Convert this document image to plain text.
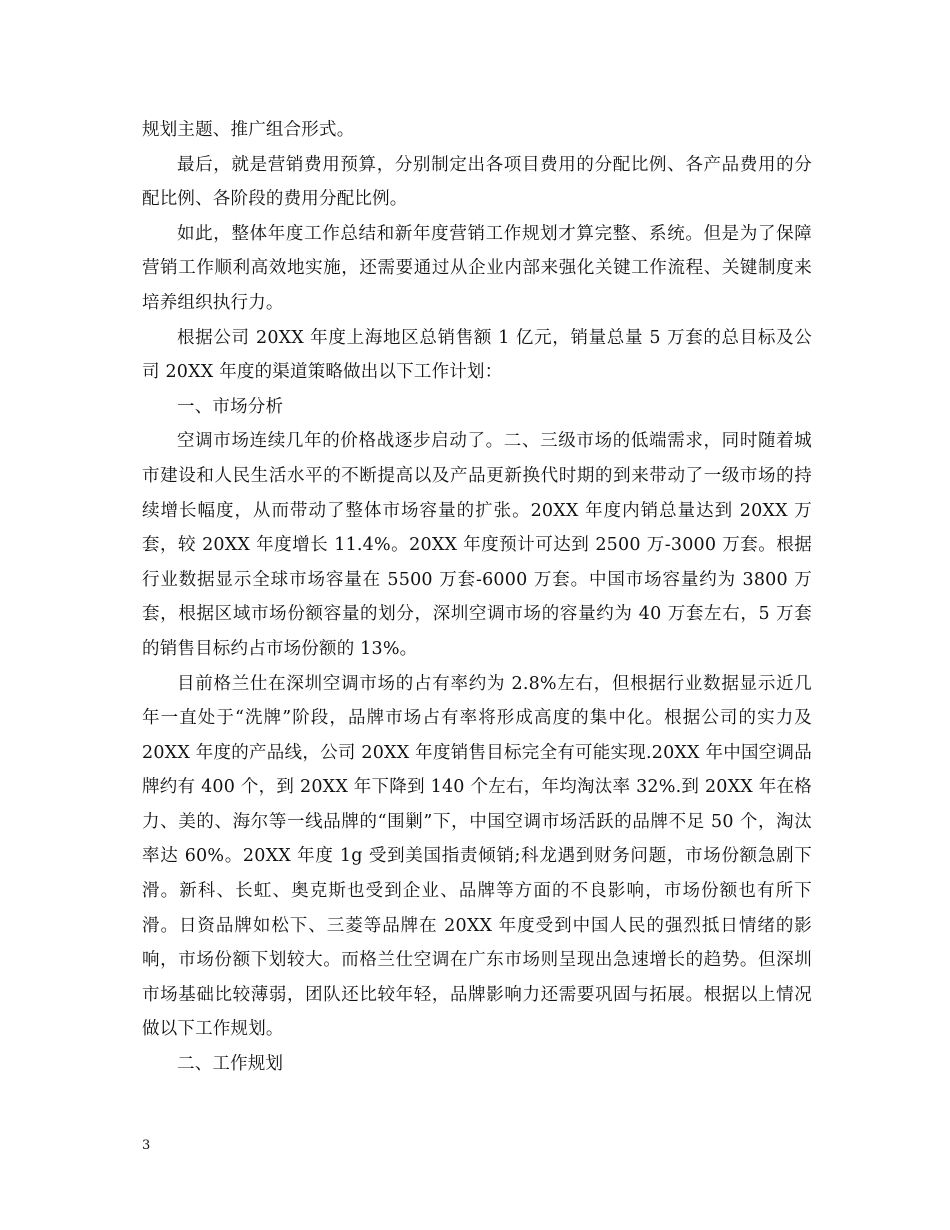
规划主题、推广组合形式。

最后，就是营销费用预算，分别制定出各项目费用的分配比例、各产品费用的分配比例、各阶段的费用分配比例。

如此，整体年度工作总结和新年度营销工作规划才算完整、系统。但是为了保障营销工作顺利高效地实施，还需要通过从企业内部来强化关键工作流程、关键制度来培养组织执行力。

根据公司 20XX 年度上海地区总销售额 1 亿元，销量总量 5 万套的总目标及公司 20XX 年度的渠道策略做出以下工作计划：

一、市场分析

空调市场连续几年的价格战逐步启动了。二、三级市场的低端需求，同时随着城市建设和人民生活水平的不断提高以及产品更新换代时期的到来带动了一级市场的持续增长幅度，从而带动了整体市场容量的扩张。20XX 年度内销总量达到 20XX 万套，较 20XX 年度增长 11.4%。20XX 年度预计可达到 2500 万-3000 万套。根据行业数据显示全球市场容量在 5500 万套-6000 万套。中国市场容量约为 3800 万套，根据区域市场份额容量的划分，深圳空调市场的容量约为 40 万套左右，5 万套的销售目标约占市场份额的 13%。

目前格兰仕在深圳空调市场的占有率约为 2.8%左右，但根据行业数据显示近几年一直处于“洗牌”阶段，品牌市场占有率将形成高度的集中化。根据公司的实力及 20XX 年度的产品线，公司 20XX 年度销售目标完全有可能实现.20XX 年中国空调品牌约有 400 个，到 20XX 年下降到 140 个左右，年均淘汰率 32%.到 20XX 年在格力、美的、海尔等一线品牌的“围剿”下，中国空调市场活跃的品牌不足 50 个，淘汰率达 60%。20XX 年度 1g 受到美国指责倾销;科龙遇到财务问题，市场份额急剧下滑。新科、长虹、奥克斯也受到企业、品牌等方面的不良影响，市场份额也有所下滑。日资品牌如松下、三菱等品牌在 20XX 年度受到中国人民的强烈抵日情绪的影响，市场份额下划较大。而格兰仕空调在广东市场则呈现出急速增长的趋势。但深圳市场基础比较薄弱，团队还比较年轻，品牌影响力还需要巩固与拓展。根据以上情况做以下工作规划。

二、工作规划

3
